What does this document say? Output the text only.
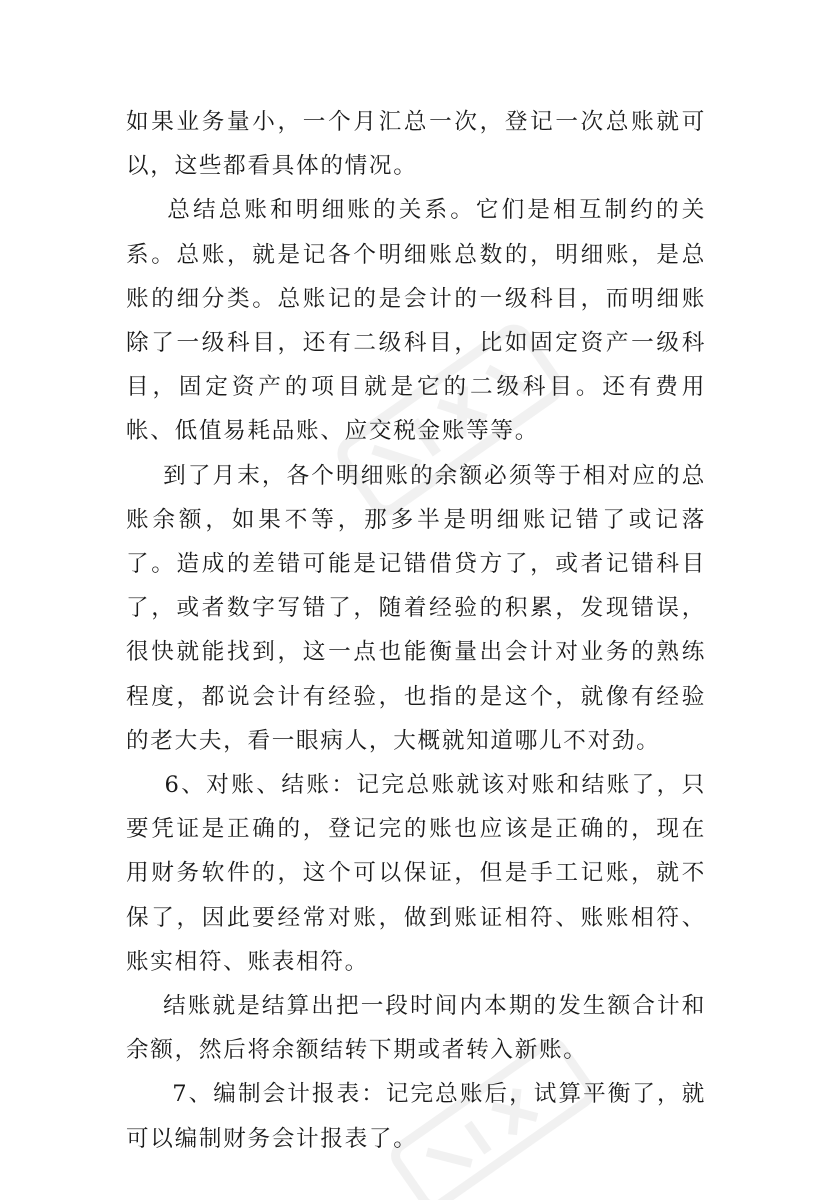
如果业务量小，一个月汇总一次，登记一次总账就可以，这些都看具体的情况。

总结总账和明细账的关系。它们是相互制约的关系。总账，就是记各个明细账总数的，明细账，是总账的细分类。总账记的是会计的一级科目，而明细账除了一级科目，还有二级科目，比如固定资产一级科目，固定资产的项目就是它的二级科目。还有费用帐、低值易耗品账、应交税金账等等。

到了月末，各个明细账的余额必须等于相对应的总账余额，如果不等，那多半是明细账记错了或记落了。造成的差错可能是记错借贷方了，或者记错科目了，或者数字写错了，随着经验的积累，发现错误，很快就能找到，这一点也能衡量出会计对业务的熟练程度，都说会计有经验，也指的是这个，就像有经验的老大夫，看一眼病人，大概就知道哪儿不对劲。

6、对账、结账：记完总账就该对账和结账了，只要凭证是正确的，登记完的账也应该是正确的，现在用财务软件的，这个可以保证，但是手工记账，就不保了，因此要经常对账，做到账证相符、账账相符、账实相符、账表相符。

结账就是结算出把一段时间内本期的发生额合计和余额，然后将余额结转下期或者转入新账。

7、编制会计报表：记完总账后，试算平衡了，就可以编制财务会计报表了。
